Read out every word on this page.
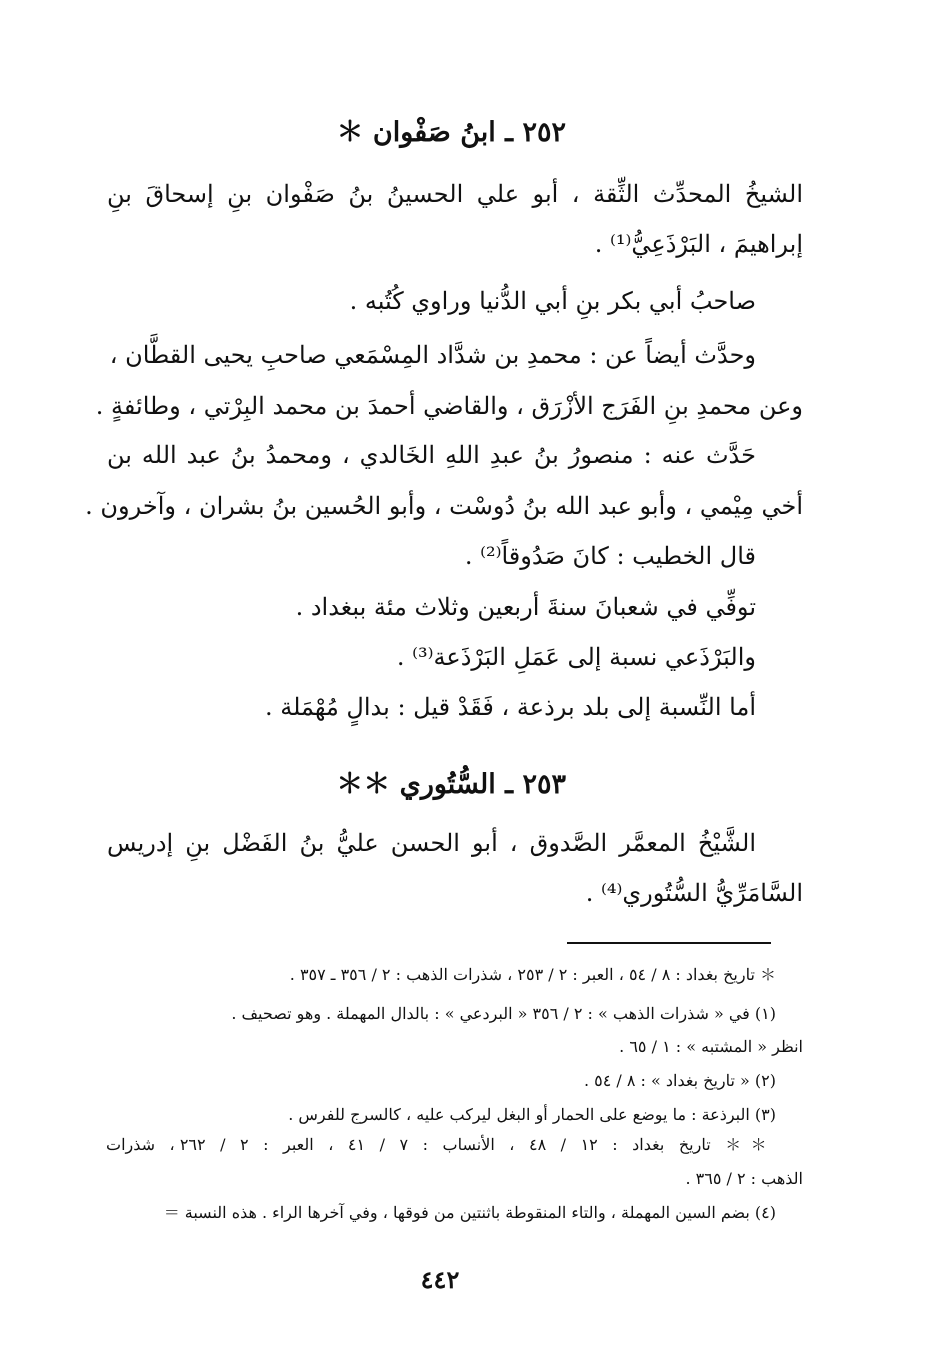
٢٥٢ ـ ابنُ صَفْوان ＊
الشيخُ المحدِّث الثِّقة ، أبو علي الحسينُ بنُ صَفْوان بنِ إسحاقَ بنِ
إبراهيمَ ، البَرْذَعِيُّ⁽¹⁾ .
صاحبُ أبي بكر بنِ أبي الدُّنيا وراوي كُتُبه .
وحدَّث أيضاً عن : محمدِ بن شدَّاد المِسْمَعي صاحبِ يحيى القطَّان ،
وعن محمدِ بنِ الفَرَج الأزْرَق ، والقاضي أحمدَ بن محمد البِرْتي ، وطائفةٍ .
حَدَّث عنه : منصورُ بنُ عبدِ اللهِ الخَالدي ، ومحمدُ بنُ عبد الله بن
أخي مِيْمي ، وأبو عبد الله بنُ دُوسْت ، وأبو الحُسين بنُ بشران ، وآخرون .
قال الخطيب : كانَ صَدُوقاً⁽²⁾ .
توفِّي في شعبانَ سنةَ أربعين وثلاث مئة ببغداد .
والبَرْذَعي نسبة إلى عَمَلِ البَرْذَعة⁽³⁾ .
أما النِّسبة إلى بلد برذعة ، فَقَدْ قيل : بدالٍ مُهْمَلة .
٢٥٣ ـ السُّتُوري ＊＊
الشَّيْخُ المعمَّر الصَّدوق ، أبو الحسن عليُّ بنُ الفَضْل بنِ إدريس
السَّامَرِّيُّ السُّتُوري⁽⁴⁾ .
＊ تاريخ بغداد : ٨ / ٥٤ ، العبر : ٢ / ٢٥٣ ، شذرات الذهب : ٢ / ٣٥٦ ـ ٣٥٧ .
(١) في « شذرات الذهب » : ٢ / ٣٥٦ « البردعي » : بالدال المهملة . وهو تصحيف .
انظر « المشتبه » : ١ / ٦٥ .
(٢) « تاريخ بغداد » : ٨ / ٥٤ .
(٣) البرذعة : ما يوضع على الحمار أو البغل ليركب عليه ، كالسرج للفرس .
＊＊ تاريخ بغداد : ١٢ / ٤٨ ، الأنساب : ٧ / ٤١ ، العبر : ٢ / ٢٦٢ ، شذرات
الذهب : ٢ / ٣٦٥ .
(٤) بضم السين المهملة ، والتاء المنقوطة باثنتين من فوقها ، وفي آخرها الراء . هذه النسبة ＝
٤٤٢
